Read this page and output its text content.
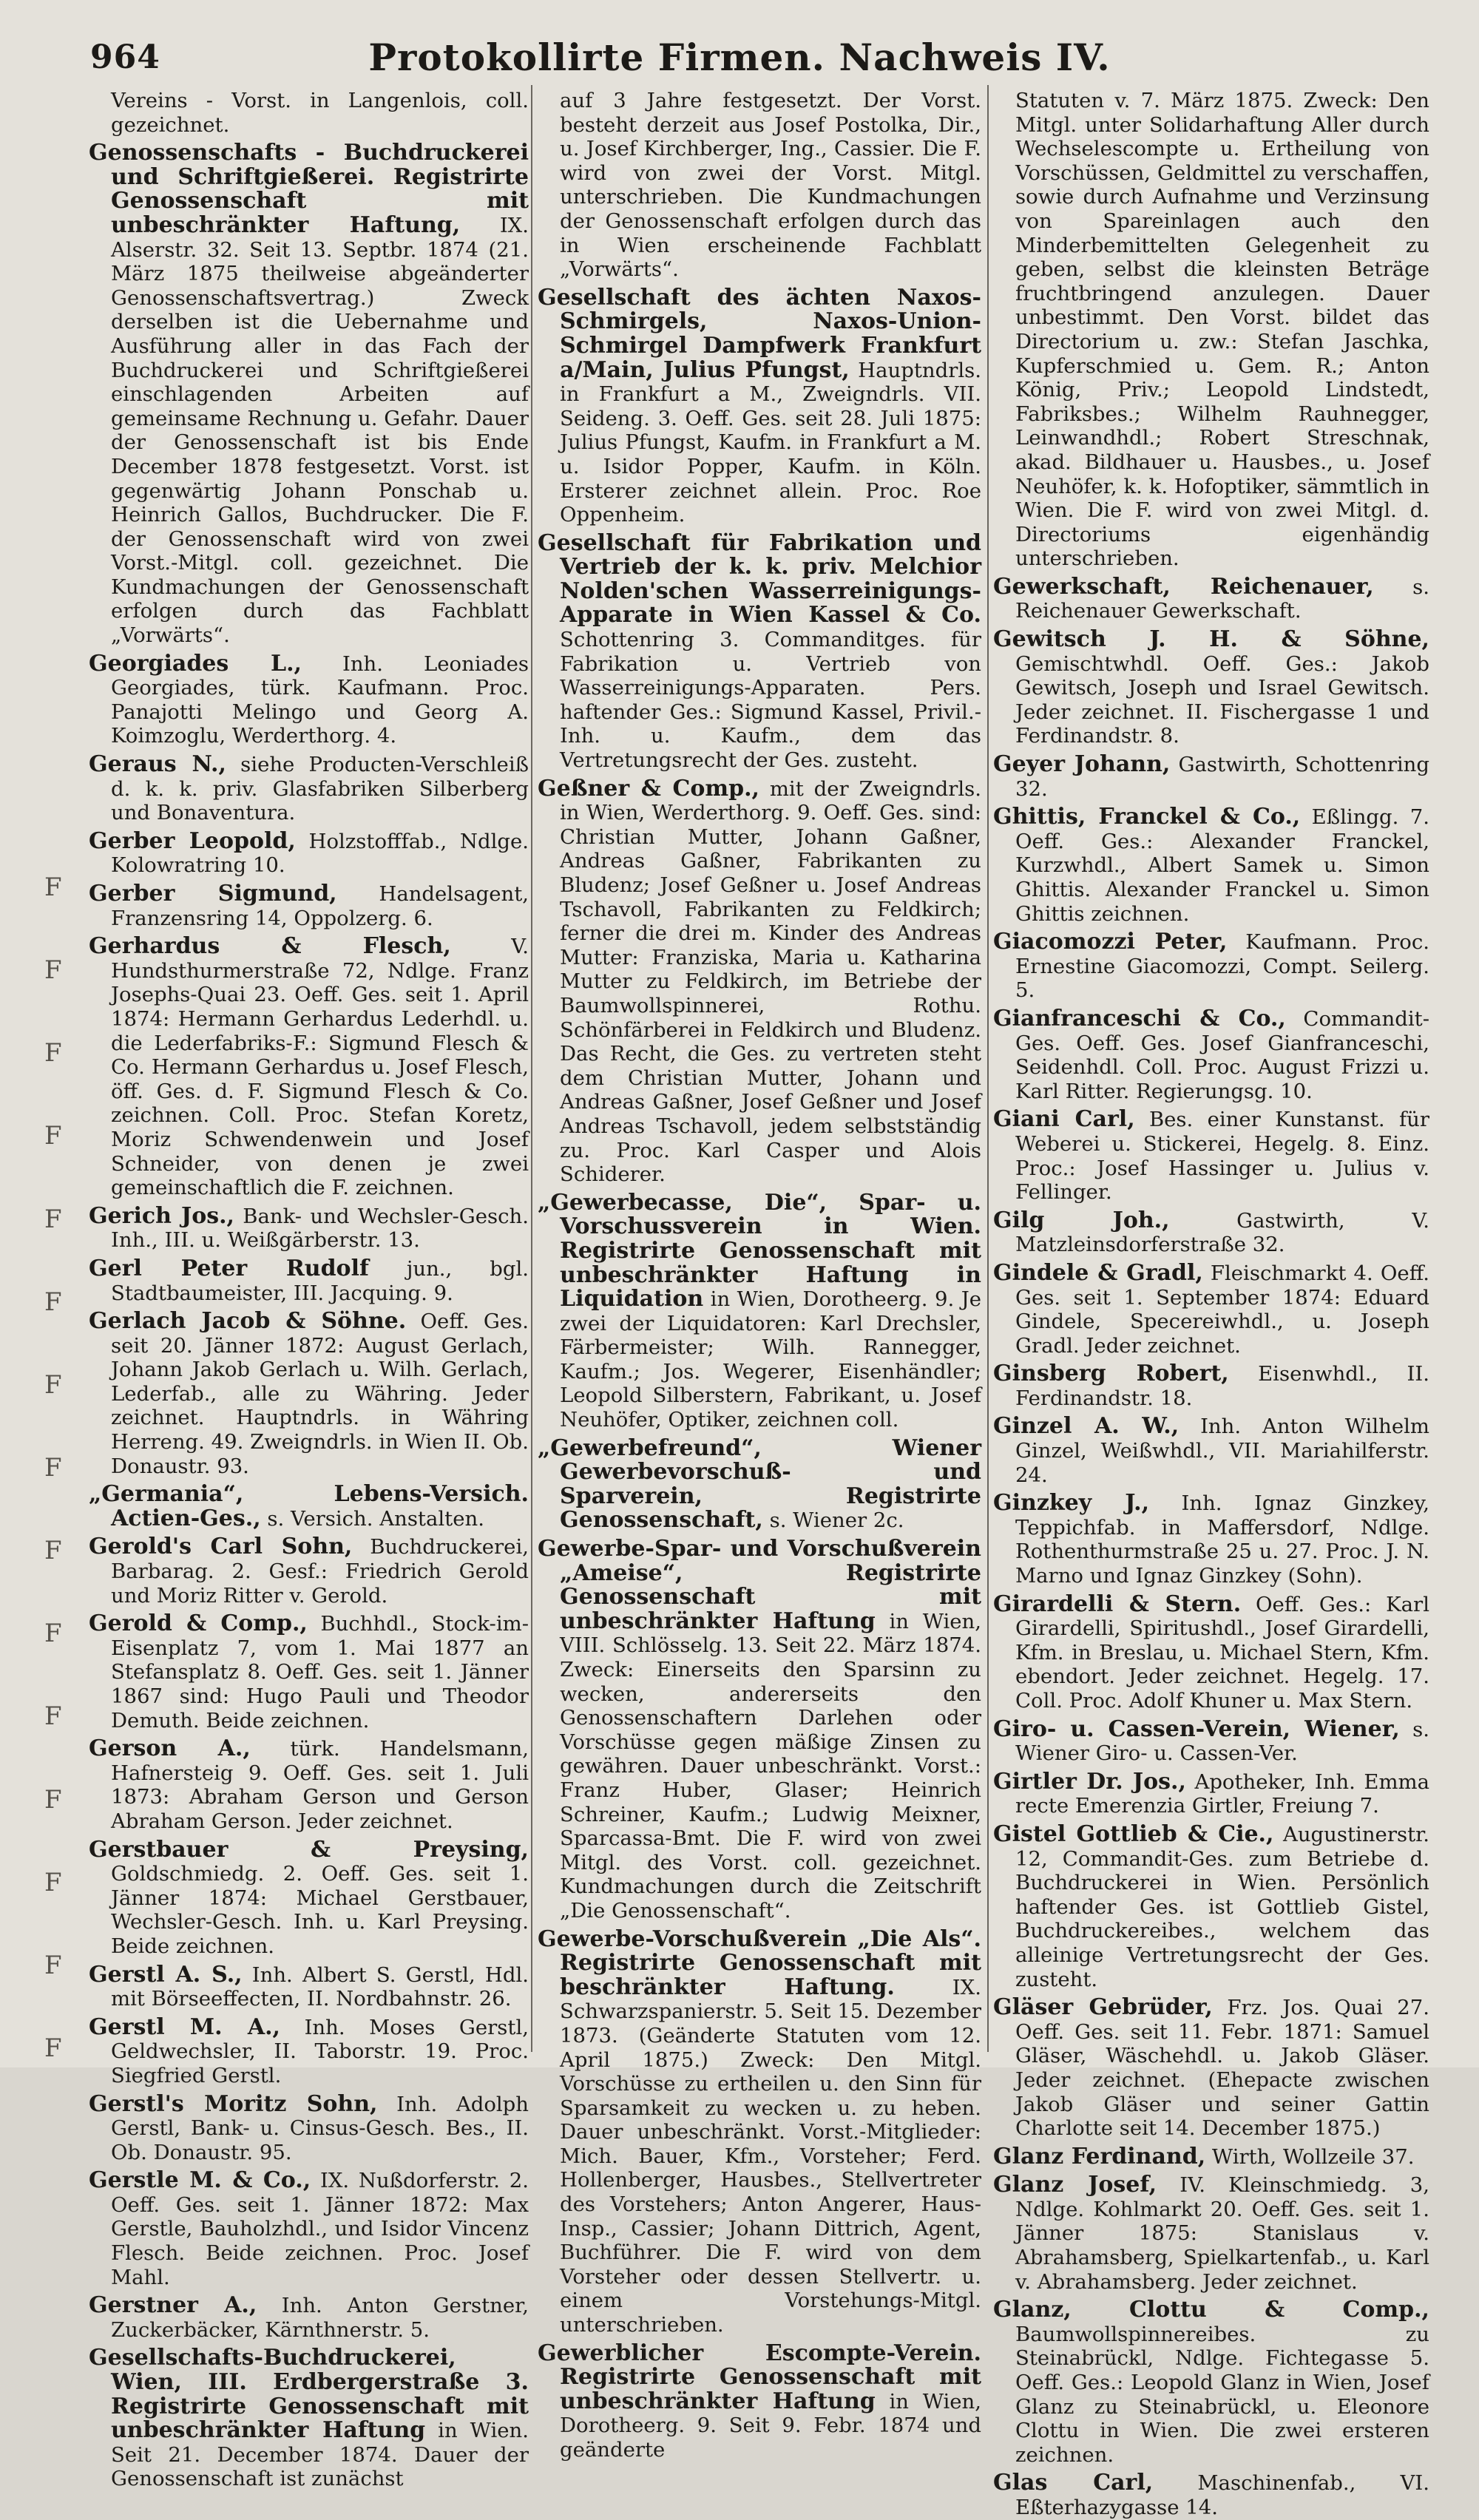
964	Protokollirte Firmen. Nachweis IV.

Vereins - Vorst. in Langenlois, coll. gezeichnet.

Genossenschafts - Buchdruckerei und Schriftgießerei. Registrirte Genossenschaft mit unbeschränkter Haftung, IX. Alserstr. 32. Seit 13. Septbr. 1874 (21. März 1875 theilweise abgeänderter Genossenschaftsvertrag.) Zweck derselben ist die Uebernahme und Ausführung aller in das Fach der Buchdruckerei und Schriftgießerei einschlagenden Arbeiten auf gemeinsame Rechnung u. Gefahr. Dauer der Genossenschaft ist bis Ende December 1878 festgesetzt. Vorst. ist gegenwärtig Johann Ponschab u. Heinrich Gallos, Buchdrucker. Die F. der Genossenschaft wird von zwei Vorst.-Mitgl. coll. gezeichnet. Die Kundmachungen der Genossenschaft erfolgen durch das Fachblatt „Vorwärts“.

Georgiades L., Inh. Leoniades Georgiades, türk. Kaufmann. Proc. Panajotti Melingo und Georg A. Koimzoglu, Werderthorg. 4.

Geraus N., siehe Producten-Verschleiß d. k. k. priv. Glasfabriken Silberberg und Bonaventura.

Gerber Leopold, Holzstofffab., Ndlge. Kolowratring 10.

Gerber Sigmund, Handelsagent, Franzensring 14, Oppolzerg. 6.

Gerhardus & Flesch,	V. Hundsthurmerstraße 72, Ndlge. Franz Josephs-Quai 23. Oeff. Ges. seit 1. April 1874: Hermann Gerhardus Lederhdl. u. die Lederfabriks-F.: Sigmund Flesch & Co. Hermann Gerhardus u. Josef Flesch, öff. Ges. d. F. Sigmund Flesch & Co. zeichnen. Coll. Proc. Stefan Koretz, Moriz Schwendenwein und Josef Schneider, von denen je zwei gemeinschaftlich die F. zeichnen.

Gerich Jos., Bank- und Wechsler-Gesch. Inh., III. u. Weißgärberstr. 13.

Gerl Peter Rudolf jun., bgl. Stadtbaumeister, III. Jacquing. 9.

Gerlach Jacob & Söhne. Oeff. Ges. seit 20. Jänner 1872: August Gerlach, Johann Jakob Gerlach u. Wilh. Gerlach, Lederfab., alle zu Währing. Jeder zeichnet. Hauptndrls. in Währing Herreng. 49. Zweigndrls. in Wien II. Ob. Donaustr. 93.

„Germania“, Lebens-Versich. Actien-Ges., s. Versich. Anstalten.

Gerold's Carl Sohn, Buchdruckerei, Barbarag. 2. Gesf.: Friedrich Gerold und Moriz Ritter v. Gerold.

Gerold & Comp., Buchhdl., Stock-im-Eisenplatz 7, vom 1. Mai 1877 an Stefansplatz 8. Oeff. Ges. seit 1. Jänner 1867 sind: Hugo Pauli und Theodor Demuth. Beide zeichnen.

Gerson A., türk. Handelsmann, Hafnersteig 9. Oeff. Ges. seit 1. Juli 1873: Abraham Gerson und Gerson Abraham Gerson. Jeder zeichnet.

Gerstbauer & Preysing, Goldschmiedg. 2. Oeff. Ges. seit 1. Jänner 1874: Michael Gerstbauer, Wechsler-Gesch. Inh. u. Karl Preysing. Beide zeichnen.

Gerstl A. S., Inh. Albert S. Gerstl, Hdl. mit Börseeffecten, II. Nordbahnstr. 26.

Gerstl M. A., Inh. Moses Gerstl, Geldwechsler, II. Taborstr. 19. Proc. Siegfried Gerstl.

Gerstl's Moritz Sohn, Inh. Adolph Gerstl, Bank- u. Cinsus-Gesch. Bes., II. Ob. Donaustr. 95.

Gerstle M. & Co., IX. Nußdorferstr. 2. Oeff. Ges. seit 1. Jänner 1872: Max Gerstle, Bauholzhdl., und Isidor Vincenz Flesch. Beide zeichnen. Proc. Josef Mahl.

Gerstner A., Inh. Anton Gerstner, Zuckerbäcker, Kärnthnerstr. 5.

Gesellschafts-Buchdruckerei, Wien, III. Erdbergerstraße 3. Registrirte Genossenschaft mit unbeschränkter Haftung in Wien. Seit 21. December 1874. Dauer der Genossenschaft ist zunächst

auf 3 Jahre festgesetzt. Der Vorst. besteht derzeit aus Josef Postolka, Dir., u. Josef Kirchberger, Ing., Cassier. Die F. wird von zwei der Vorst. Mitgl. unterschrieben. Die Kundmachungen der Genossenschaft erfolgen durch das in Wien erscheinende Fachblatt „Vorwärts“.

Gesellschaft des ächten Naxos-Schmirgels, Naxos-Union-Schmirgel Dampfwerk Frankfurt a/Main, Julius Pfungst, Hauptndrls. in Frankfurt a M., Zweigndrls. VII. Seideng. 3. Oeff. Ges. seit 28. Juli 1875: Julius Pfungst, Kaufm. in Frankfurt a M. u. Isidor Popper, Kaufm. in Köln. Ersterer zeichnet allein. Proc. Roe Oppenheim.

Gesellschaft für Fabrikation und Vertrieb der k. k. priv. Melchior Nolden'schen Wasserreinigungs-Apparate in Wien Kassel & Co. Schottenring 3. Commanditges. für Fabrikation u. Vertrieb von Wasserreinigungs-Apparaten. Pers. haftender Ges.: Sigmund Kassel, Privil.-Inh. u. Kaufm., dem das Vertretungsrecht der Ges. zusteht.

Geßner & Comp., mit der Zweigndrls. in Wien, Werderthorg. 9. Oeff. Ges. sind: Christian Mutter, Johann Gaßner, Andreas Gaßner, Fabrikanten zu Bludenz; Josef Geßner u. Josef Andreas Tschavoll, Fabrikanten zu Feldkirch; ferner die drei m. Kinder des Andreas Mutter: Franziska, Maria u. Katharina Mutter zu Feldkirch, im Betriebe der Baumwollspinnerei, Rothu. Schönfärberei in Feldkirch und Bludenz. Das Recht, die Ges. zu vertreten steht dem Christian Mutter, Johann und Andreas Gaßner, Josef Geßner und Josef Andreas Tschavoll, jedem selbstständig zu. Proc. Karl Casper und Alois Schiderer.

„Gewerbecasse, Die“, Spar- u. Vorschussverein in Wien. Registrirte Genossenschaft mit unbeschränkter Haftung in Liquidation in Wien, Dorotheerg. 9. Je zwei der Liquidatoren: Karl Drechsler, Färbermeister; Wilh. Rannegger, Kaufm.; Jos. Wegerer, Eisenhändler; Leopold Silberstern, Fabrikant, u. Josef Neuhöfer, Optiker, zeichnen coll.

„Gewerbefreund“, Wiener Gewerbevorschuß- und Sparverein, Registrirte Genossenschaft, s. Wiener 2c.

Gewerbe-Spar- und Vorschußverein „Ameise“, Registrirte Genossenschaft mit unbeschränkter Haftung in Wien, VIII. Schlösselg. 13. Seit 22. März 1874. Zweck: Einerseits den Sparsinn zu wecken, andererseits den Genossenschaftern Darlehen oder Vorschüsse gegen mäßige Zinsen zu gewähren. Dauer unbeschränkt. Vorst.: Franz Huber, Glaser; Heinrich Schreiner, Kaufm.; Ludwig Meixner, Sparcassa-Bmt. Die F. wird von zwei Mitgl. des Vorst. coll. gezeichnet. Kundmachungen durch die Zeitschrift „Die Genossenschaft“.

Gewerbe-Vorschußverein „Die Als“. Registrirte Genossenschaft mit beschränkter Haftung.	IX. Schwarzspanierstr. 5. Seit 15. Dezember 1873. (Geänderte Statuten vom 12. April 1875.) Zweck: Den Mitgl. Vorschüsse zu ertheilen u. den Sinn für Sparsamkeit zu wecken u. zu heben. Dauer unbeschränkt. Vorst.-Mitglieder: Mich. Bauer, Kfm., Vorsteher; Ferd. Hollenberger, Hausbes., Stellvertreter des Vorstehers; Anton Angerer, Haus-Insp., Cassier; Johann Dittrich, Agent, Buchführer. Die F. wird von dem Vorsteher oder dessen Stellvertr. u. einem Vorstehungs-Mitgl. unterschrieben.

Gewerblicher Escompte-Verein. Registrirte Genossenschaft mit unbeschränkter Haftung in Wien, Dorotheerg. 9. Seit 9. Febr. 1874 und geänderte

Statuten v. 7. März 1875. Zweck: Den Mitgl. unter Solidarhaftung Aller durch Wechselescompte u. Ertheilung von Vorschüssen, Geldmittel zu verschaffen, sowie durch Aufnahme und Verzinsung von Spareinlagen auch den Minderbemittelten Gelegenheit zu geben, selbst die kleinsten Beträge fruchtbringend anzulegen. Dauer unbestimmt. Den Vorst. bildet das Directorium u. zw.: Stefan Jaschka, Kupferschmied u. Gem. R.; Anton König, Priv.; Leopold Lindstedt, Fabriksbes.; Wilhelm Rauhnegger, Leinwandhdl.; Robert Streschnak, akad. Bildhauer u. Hausbes., u. Josef Neuhöfer, k. k. Hofoptiker, sämmtlich in Wien. Die F. wird von zwei Mitgl. d. Directoriums eigenhändig unterschrieben.

Gewerkschaft, Reichenauer, s. Reichenauer Gewerkschaft.

Gewitsch J. H. & Söhne, Gemischtwhdl. Oeff. Ges.: Jakob Gewitsch, Joseph und Israel Gewitsch. Jeder zeichnet. II. Fischergasse 1 und Ferdinandstr. 8.

Geyer Johann, Gastwirth, Schottenring 32.

Ghittis, Franckel & Co., Eßlingg. 7. Oeff. Ges.: Alexander Franckel, Kurzwhdl., Albert Samek u. Simon Ghittis. Alexander Franckel u. Simon Ghittis zeichnen.

Giacomozzi Peter, Kaufmann. Proc. Ernestine Giacomozzi, Compt. Seilerg. 5.

Gianfranceschi & Co., Commandit-Ges. Oeff. Ges. Josef Gianfranceschi, Seidenhdl. Coll. Proc. August Frizzi u. Karl Ritter. Regierungsg. 10.

Giani Carl, Bes. einer Kunstanst. für Weberei u. Stickerei, Hegelg. 8. Einz. Proc.: Josef Hassinger u. Julius v. Fellinger.

Gilg Joh.,	Gastwirth, V. Matzleinsdorferstraße 32.

Gindele & Gradl, Fleischmarkt 4. Oeff. Ges. seit 1. September 1874: Eduard Gindele, Specereiwhdl., u. Joseph Gradl. Jeder zeichnet.

Ginsberg Robert, Eisenwhdl., II. Ferdinandstr. 18.

Ginzel A. W., Inh. Anton Wilhelm Ginzel, Weißwhdl., VII. Mariahilferstr. 24.

Ginzkey J., Inh. Ignaz Ginzkey, Teppichfab. in Maffersdorf, Ndlge. Rothenthurmstraße 25 u. 27. Proc. J. N. Marno und Ignaz Ginzkey (Sohn).

Girardelli & Stern. Oeff. Ges.: Karl Girardelli, Spiritushdl., Josef Girardelli, Kfm. in Breslau, u. Michael Stern, Kfm. ebendort. Jeder zeichnet. Hegelg. 17. Coll. Proc. Adolf Khuner u. Max Stern.

Giro- u. Cassen-Verein, Wiener, s. Wiener Giro- u. Cassen-Ver.

Girtler Dr. Jos., Apotheker, Inh. Emma recte Emerenzia Girtler, Freiung 7.

Gistel Gottlieb & Cie., Augustinerstr. 12, Commandit-Ges. zum Betriebe d. Buchdruckerei in Wien. Persönlich haftender Ges. ist Gottlieb Gistel, Buchdruckereibes., welchem das alleinige Vertretungsrecht der Ges. zusteht.

Gläser Gebrüder, Frz. Jos. Quai 27. Oeff. Ges. seit 11. Febr. 1871: Samuel Gläser, Wäschehdl. u. Jakob Gläser. Jeder zeichnet. (Ehepacte zwischen Jakob Gläser und seiner Gattin Charlotte seit 14. December 1875.)

Glanz Ferdinand, Wirth, Wollzeile 37.

Glanz Josef, IV. Kleinschmiedg. 3, Ndlge. Kohlmarkt 20. Oeff. Ges. seit 1. Jänner 1875: Stanislaus v. Abrahamsberg, Spielkartenfab., u. Karl v. Abrahamsberg. Jeder zeichnet.

Glanz, Clottu & Comp., Baumwollspinnereibes. zu Steinabrückl, Ndlge. Fichtegasse 5. Oeff. Ges.: Leopold Glanz in Wien, Josef Glanz zu Steinabrückl, u. Eleonore Clottu in Wien. Die zwei ersteren zeichnen.

Glas Carl, Maschinenfab., VI. Eßterhazygasse 14.

F
F
F
F
F
F
F
F
F
F
F
F
F
F
F
